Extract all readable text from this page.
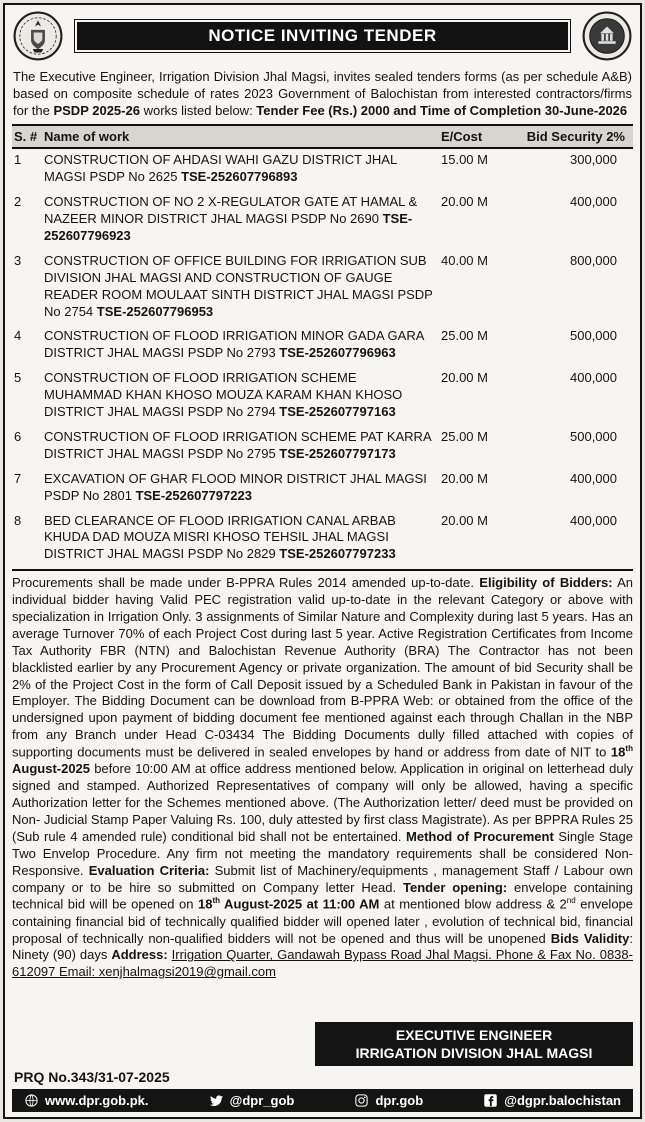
NOTICE INVITING TENDER

The Executive Engineer, Irrigation Division Jhal Magsi, invites sealed tenders forms (as per schedule A&B) based on composite schedule of rates 2023 Government of Balochistan from interested contractors/firms for the PSDP 2025-26 works listed below: Tender Fee (Rs.) 2000 and Time of Completion 30-June-2026

S. #	Name of work	E/Cost	Bid Security 2%
1	CONSTRUCTION OF AHDASI WAHI GAZU DISTRICT JHAL MAGSI PSDP No 2625 TSE-252607796893	15.00 M	300,000
2	CONSTRUCTION OF NO 2 X-REGULATOR GATE AT HAMAL & NAZEER MINOR DISTRICT JHAL MAGSI PSDP No 2690 TSE-252607796923	20.00 M	400,000
3	CONSTRUCTION OF OFFICE BUILDING FOR IRRIGATION SUB DIVISION JHAL MAGSI AND CONSTRUCTION OF GAUGE READER ROOM MOULAAT SINTH DISTRICT JHAL MAGSI PSDP No 2754 TSE-252607796953	40.00 M	800,000
4	CONSTRUCTION OF FLOOD IRRIGATION MINOR GADA GARA DISTRICT JHAL MAGSI PSDP No 2793 TSE-252607796963	25.00 M	500,000
5	CONSTRUCTION OF FLOOD IRRIGATION SCHEME MUHAMMAD KHAN KHOSO MOUZA KARAM KHAN KHOSO DISTRICT JHAL MAGSI PSDP No 2794 TSE-252607797163	20.00 M	400,000
6	CONSTRUCTION OF FLOOD IRRIGATION SCHEME PAT KARRA DISTRICT JHAL MAGSI PSDP No 2795 TSE-252607797173	25.00 M	500,000
7	EXCAVATION OF GHAR FLOOD MINOR DISTRICT JHAL MAGSI PSDP No 2801 TSE-252607797223	20.00 M	400,000
8	BED CLEARANCE OF FLOOD IRRIGATION CANAL ARBAB KHUDA DAD MOUZA MISRI KHOSO TEHSIL JHAL MAGSI DISTRICT JHAL MAGSI PSDP No 2829 TSE-252607797233	20.00 M	400,000

Procurements shall be made under B-PPRA Rules 2014 amended up-to-date. Eligibility of Bidders: An individual bidder having Valid PEC registration valid up-to-date in the relevant Category or above with specialization in Irrigation Only. 3 assignments of Similar Nature and Complexity during last 5 years. Has an average Turnover 70% of each Project Cost during last 5 year. Active Registration Certificates from Income Tax Authority FBR (NTN) and Balochistan Revenue Authority (BRA) The Contractor has not been blacklisted earlier by any Procurement Agency or private organization. The amount of bid Security shall be 2% of the Project Cost in the form of Call Deposit issued by a Scheduled Bank in Pakistan in favour of the Employer. The Bidding Document can be download from B-PPRA Web: or obtained from the office of the undersigned upon payment of bidding document fee mentioned against each through Challan in the NBP from any Branch under Head C-03434 The Bidding Documents dully filled attached with copies of supporting documents must be delivered in sealed envelopes by hand or address from date of NIT to 18th August-2025 before 10:00 AM at office address mentioned below. Application in original on letterhead duly signed and stamped. Authorized Representatives of company will only be allowed, having a specific Authorization letter for the Schemes mentioned above. (The Authorization letter/ deed must be provided on Non- Judicial Stamp Paper Valuing Rs. 100, duly attested by first class Magistrate). As per BPPRA Rules 25 (Sub rule 4 amended rule) conditional bid shall not be entertained. Method of Procurement Single Stage Two Envelop Procedure. Any firm not meeting the mandatory requirements shall be considered Non-Responsive. Evaluation Criteria: Submit list of Machinery/equipments , management Staff / Labour own company or to be hire so submitted on Company letter Head. Tender opening: envelope containing technical bid will be opened on 18th August-2025 at 11:00 AM at mentioned blow address & 2nd envelope containing financial bid of technically qualified bidder will opened later , evolution of technical bid, financial proposal of technically non-qualified bidders will not be opened and thus will be unopened Bids Validity: Ninety (90) days Address: Irrigation Quarter, Gandawah Bypass Road Jhal Magsi. Phone & Fax No. 0838-612097 Email: xenjhalmagsi2019@gmail.com

EXECUTIVE ENGINEER
IRRIGATION DIVISION JHAL MAGSI
PRQ No.343/31-07-2025
www.dpr.gob.pk.	@dpr_gob	dpr.gob	@dgpr.balochistan
